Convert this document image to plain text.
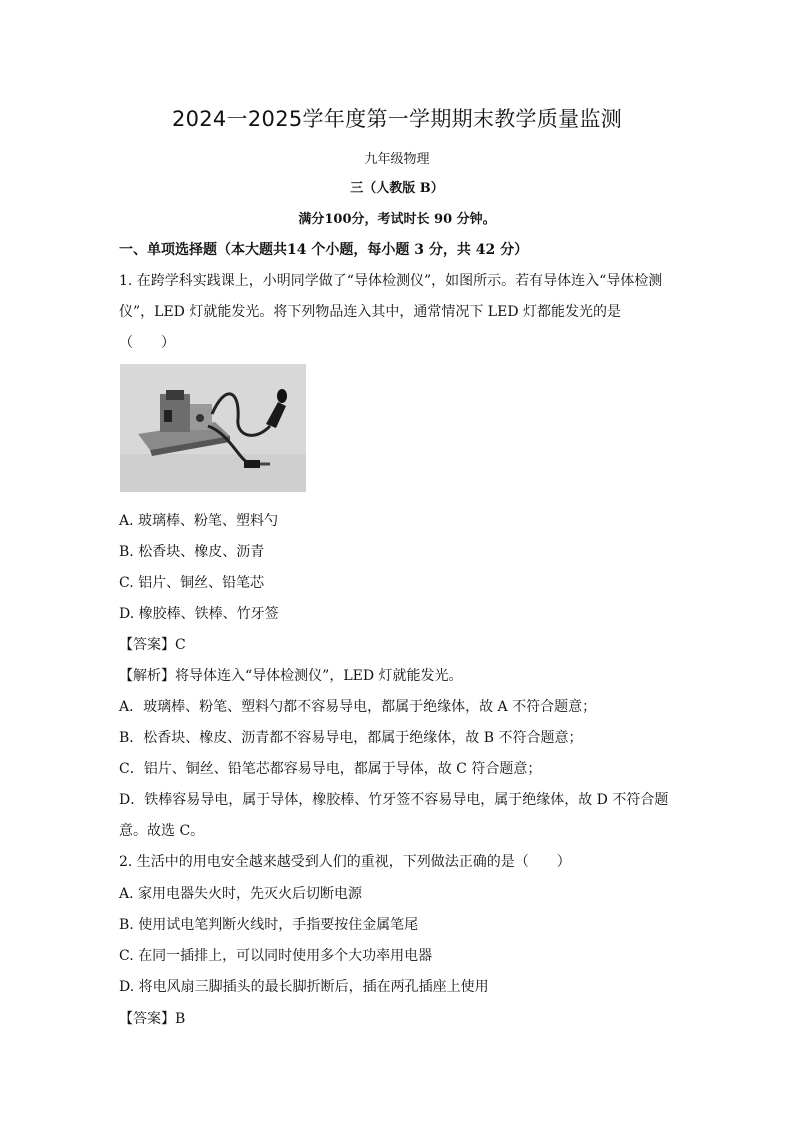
2024一2025学年度第一学期期末教学质量监测
九年级物理
三（人教版 B）
满分100分，考试时长 90 分钟。
一、单项选择题（本大题共14 个小题，每小题 3 分，共 42 分）
1. 在跨学科实践课上，小明同学做了“导体检测仪”，如图所示。若有导体连入“导体检测
仪”，LED 灯就能发光。将下列物品连入其中，通常情况下 LED 灯都能发光的是
（　　）
A. 玻璃棒、粉笔、塑料勺
B. 松香块、橡皮、沥青
C. 铝片、铜丝、铅笔芯
D. 橡胶棒、铁棒、竹牙签
【答案】C
【解析】将导体连入“导体检测仪”，LED 灯就能发光。
A．玻璃棒、粉笔、塑料勺都不容易导电，都属于绝缘体，故 A 不符合题意；
B．松香块、橡皮、沥青都不容易导电，都属于绝缘体，故 B 不符合题意；
C．铝片、铜丝、铅笔芯都容易导电，都属于导体，故 C 符合题意；
D．铁棒容易导电，属于导体，橡胶棒、竹牙签不容易导电，属于绝缘体，故 D 不符合题
意。故选 C。
2. 生活中的用电安全越来越受到人们的重视，下列做法正确的是（　　）
A. 家用电器失火时，先灭火后切断电源
B. 使用试电笔判断火线时，手指要按住金属笔尾
C. 在同一插排上，可以同时使用多个大功率用电器
D. 将电风扇三脚插头的最长脚折断后，插在两孔插座上使用
【答案】B
